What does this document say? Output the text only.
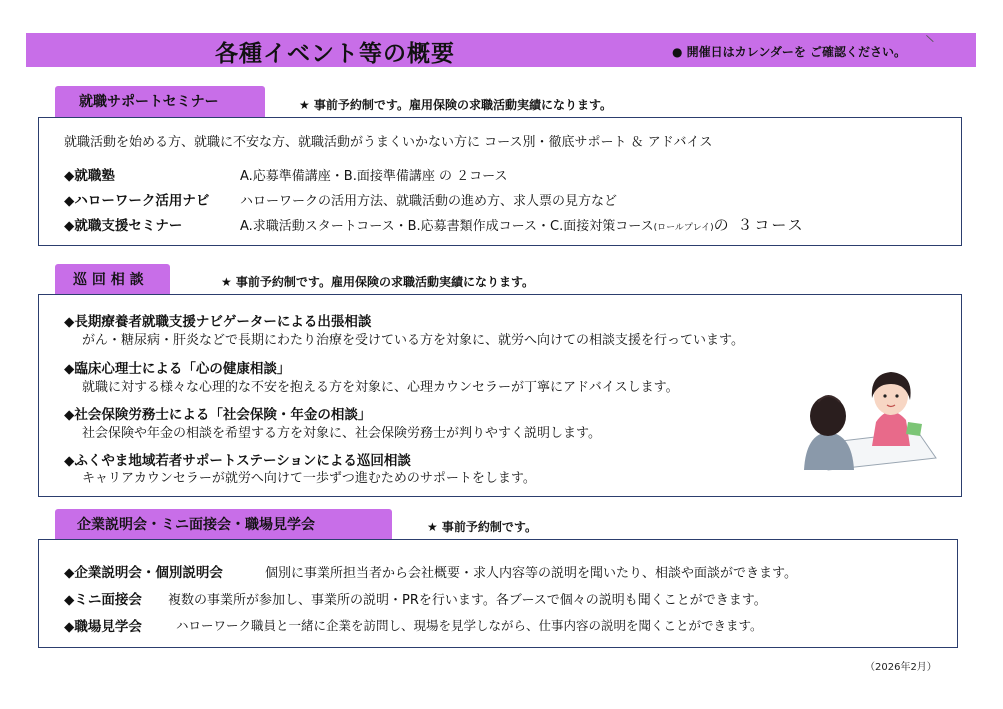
各種イベント等の概要	● 開催日はカレンダーを ご確認ください。
\
就職サポートセミナー	★ 事前予約制です。雇用保険の求職活動実績になります。
就職活動を始める方、就職に不安な方、就職活動がうまくいかない方に コース別・徹底サポート ＆ アドバイス
◆就職塾	A.応募準備講座・B.面接準備講座 の ２コース
◆ハローワーク活用ナビ ハローワークの活用方法、就職活動の進め方、求人票の見方など
◆就職支援セミナー	A.求職活動スタートコース・B.応募書類作成コース・C.面接対策コース(ロールプレイ)の ３コース
巡 回 相 談	★ 事前予約制です。雇用保険の求職活動実績になります。
◆長期療養者就職支援ナビゲーターによる出張相談
がん・糖尿病・肝炎などで長期にわたり治療を受けている方を対象に、就労へ向けての相談支援を行っています。
◆臨床心理士による「心の健康相談」
就職に対する様々な心理的な不安を抱える方を対象に、心理カウンセラーが丁寧にアドバイスします。
◆社会保険労務士による「社会保険・年金の相談」
社会保険や年金の相談を希望する方を対象に、社会保険労務士が判りやすく説明します。
◆ふくやま地域若者サポートステーションによる巡回相談
キャリアカウンセラーが就労へ向けて一歩ずつ進むためのサポートをします。
企業説明会・ミニ面接会・職場見学会	★ 事前予約制です。
◆企業説明会・個別説明会	個別に事業所担当者から会社概要・求人内容等の説明を聞いたり、相談や面談ができます。
◆ミニ面接会 複数の事業所が参加し、事業所の説明・PRを行います。各ブースで個々の説明も聞くことができます。
◆職場見学会	ハローワーク職員と一緒に企業を訪問し、現場を見学しながら、仕事内容の説明を聞くことができます。
（2026年2月）
